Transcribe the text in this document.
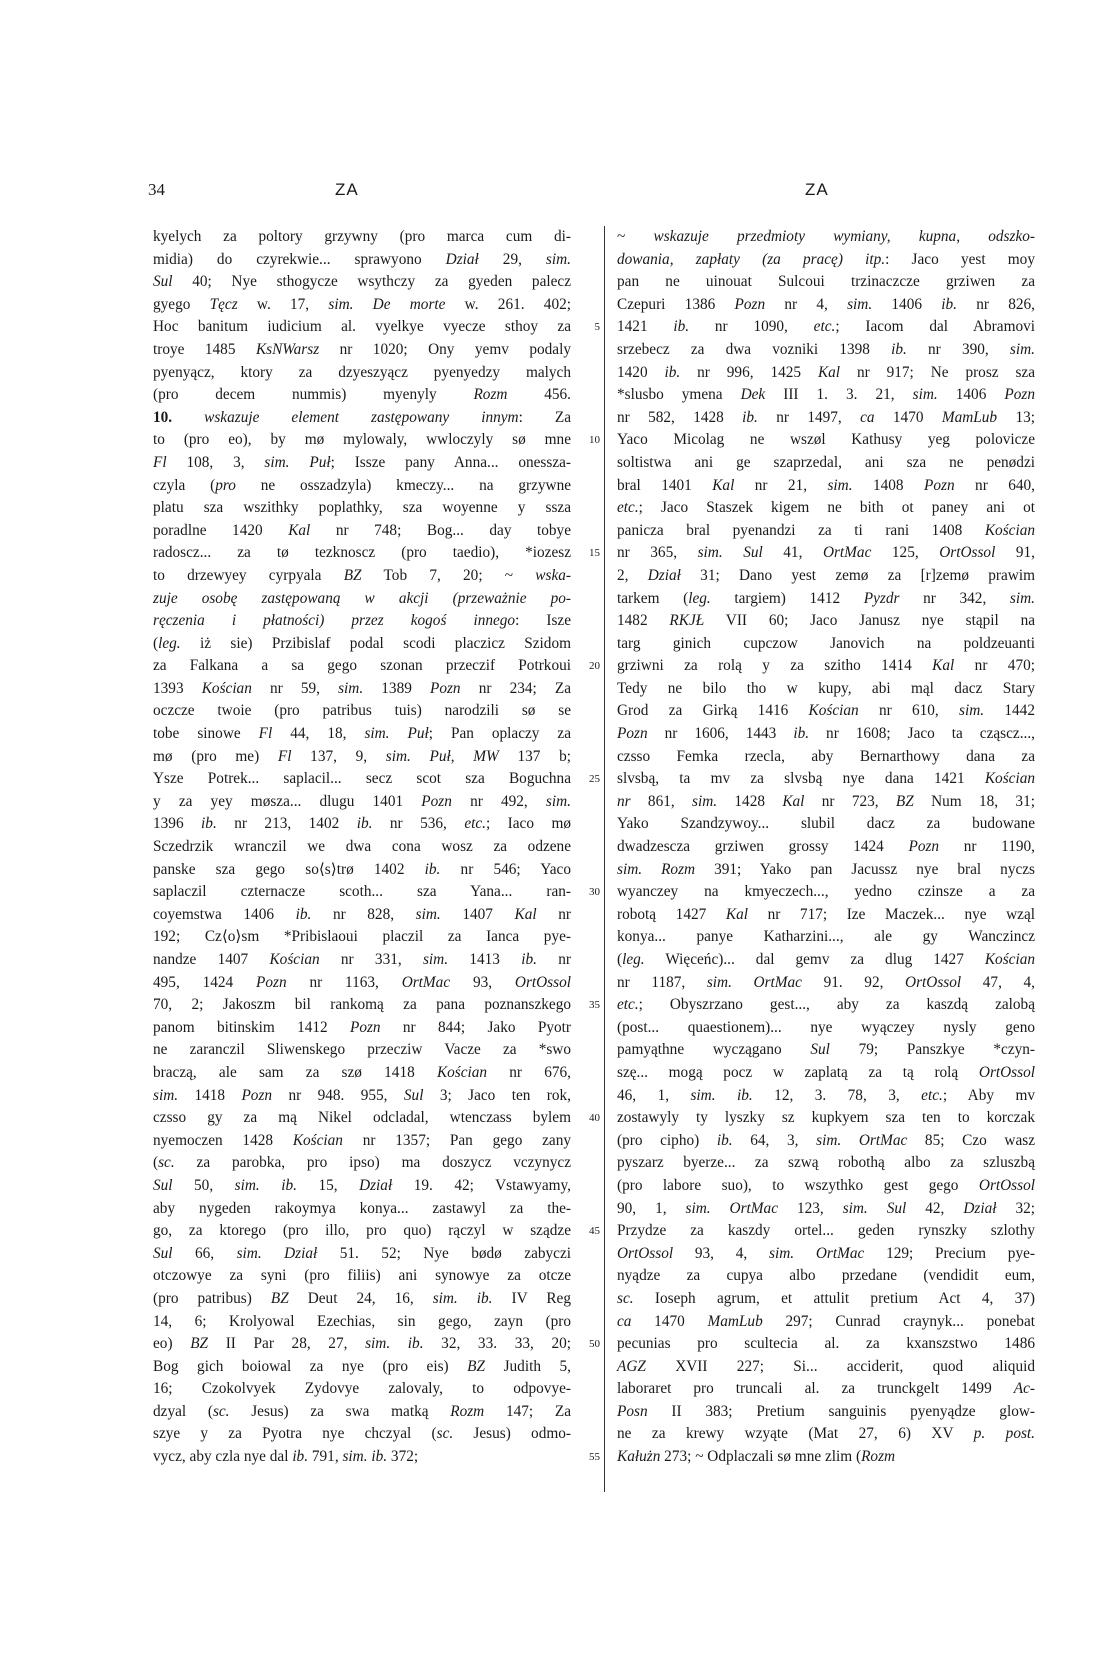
34	ZA	ZA
kyelych za poltory grzywny (pro marca cum di-
midia) do czyrekwie... sprawyono Dział 29, sim.
Sul 40; Nye sthogycze wsythczy za gyeden palecz
gyego Tęcz w. 17, sim. De morte w. 261. 402;
Hoc banitum iudicium al. vyelkye vyecze sthoy za
troye 1485 KsNWarsz nr 1020; Ony yemv podaly
pyenyącz, ktory za dzyeszyącz pyenyedzy malych
(pro decem nummis) myenyly Rozm 456.
10. wskazuje element zastępowany innym: Za
to (pro eo), by mø mylowaly, wwloczyly sø mne
Fl 108, 3, sim. Puł; Issze pany Anna... onessza-
czyla (pro ne osszadzyla) kmeczy... na grzywne
platu sza wszithky poplathky, sza woyenne y ssza
poradlne 1420 Kal nr 748; Bog... day tobye
radoscz... za tø tezknoscz (pro taedio), *iozesz
to drzewyey cyrpyala BZ Tob 7, 20; ~ wska-
zuje osobę zastępowaną w akcji (przeważnie po-
ręczenia i płatności) przez kogoś innego: Isze
(leg. iż sie) Przibislaf podal scodi placzicz Szidom
za Falkana a sa gego szonan przeczif Potrkoui
1393 Kościan nr 59, sim. 1389 Pozn nr 234; Za
oczcze twoie (pro patribus tuis) narodzili sø se
tobe sinowe Fl 44, 18, sim. Puł; Pan oplaczy za
mø (pro me) Fl 137, 9, sim. Puł, MW 137 b;
Ysze Potrek... saplacil... secz scot sza Boguchna
y za yey møsza... dlugu 1401 Pozn nr 492, sim.
1396 ib. nr 213, 1402 ib. nr 536, etc.; Iaco mø
Sczedrzik wranczil we dwa cona wosz za odzene
panske sza gego so⟨s⟩trø 1402 ib. nr 546; Yaco
saplaczil czternacze scoth... sza Yana... ran-
coyemstwa 1406 ib. nr 828, sim. 1407 Kal nr
192; Cz⟨o⟩sm *Pribislaoui placzil za Ianca pye-
nandze 1407 Kościan nr 331, sim. 1413 ib. nr
495, 1424 Pozn nr 1163, OrtMac 93, OrtOssol
70, 2; Jakoszm bil rankomą za pana poznanszkego
panom bitinskim 1412 Pozn nr 844; Jako Pyotr
ne zaranczil Sliwenskego przecziw Vacze za *swo
braczą, ale sam za szø 1418 Kościan nr 676,
sim. 1418 Pozn nr 948. 955, Sul 3; Jaco ten rok,
czsso gy za mą Nikel odcladal, wtenczass bylem
nyemoczen 1428 Kościan nr 1357; Pan gego zany
(sc. za parobka, pro ipso) ma doszycz vczynycz
Sul 50, sim. ib. 15, Dział 19. 42; Vstawyamy,
aby nygeden rakoymya konya... zastawyl za the-
go, za ktorego (pro illo, pro quo) rączyl w sządze
Sul 66, sim. Dział 51. 52; Nye bødø zabyczi
otczowye za syni (pro filiis) ani synowye za otcze
(pro patribus) BZ Deut 24, 16, sim. ib. IV Reg
14, 6; Krolyowal Ezechias, sin gego, zayn (pro
eo) BZ II Par 28, 27, sim. ib. 32, 33. 33, 20;
Bog gich boiowal za nye (pro eis) BZ Judith 5,
16; Czokolvyek Zydovye zalovaly, to odpovye-
dzyal (sc. Jesus) za swa matką Rozm 147; Za
szye y za Pyotra nye chczyal (sc. Jesus) odmo-
vycz, aby czla nye dal ib. 791, sim. ib. 372;
5
10
15
20
25
30
35
40
45
50
55
~ wskazuje przedmioty wymiany, kupna, odszko-
dowania, zapłaty (za pracę) itp.: Jaco yest moy
pan ne uinouat Sulcoui trzinaczcze grziwen za
Czepuri 1386 Pozn nr 4, sim. 1406 ib. nr 826,
1421 ib. nr 1090, etc.; Iacom dal Abramovi
srzebecz za dwa vozniki 1398 ib. nr 390, sim.
1420 ib. nr 996, 1425 Kal nr 917; Ne prosz sza
*slusbo ymena Dek III 1. 3. 21, sim. 1406 Pozn
nr 582, 1428 ib. nr 1497, ca 1470 MamLub 13;
Yaco Micolag ne wszøl Kathusy yeg polovicze
soltistwa ani ge szaprzedal, ani sza ne penødzi
bral 1401 Kal nr 21, sim. 1408 Pozn nr 640,
etc.; Jaco Staszek kigem ne bith ot paney ani ot
panicza bral pyenandzi za ti rani 1408 Kościan
nr 365, sim. Sul 41, OrtMac 125, OrtOssol 91,
2, Dział 31; Dano yest zemø za [r]zemø prawim
tarkem (leg. targiem) 1412 Pyzdr nr 342, sim.
1482 RKJŁ VII 60; Jaco Janusz nye stąpil na
targ ginich cupczow Janovich na poldzeuanti
grziwni za rolą y za szitho 1414 Kal nr 470;
Tedy ne bilo tho w kupy, abi mąl dacz Stary
Grod za Girką 1416 Kościan nr 610, sim. 1442
Pozn nr 1606, 1443 ib. nr 1608; Jaco ta cząscz...,
czsso Femka rzecla, aby Bernarthowy dana za
slvsbą, ta mv za slvsbą nye dana 1421 Kościan
nr 861, sim. 1428 Kal nr 723, BZ Num 18, 31;
Yako Szandzywoy... slubil dacz za budowane
dwadzescza grziwen grossy 1424 Pozn nr 1190,
sim. Rozm 391; Yako pan Jacussz nye bral nyczs
wyanczey na kmyeczech..., yedno czinsze a za
robotą 1427 Kal nr 717; Ize Maczek... nye wząl
konya... panye Katharzini..., ale gy Wanczincz
(leg. Więceńc)... dal gemv za dlug 1427 Kościan
nr 1187, sim. OrtMac 91. 92, OrtOssol 47, 4,
etc.; Obyszrzano gest..., aby za kaszdą zalobą
(post... quaestionem)... nye wyączey nysly geno
pamyąthne wyczągano Sul 79; Panszkye *czyn-
szę... mogą pocz w zaplatą za tą rolą OrtOssol
46, 1, sim. ib. 12, 3. 78, 3, etc.; Aby mv
zostawyly ty lyszky sz kupkyem sza ten to korczak
(pro cipho) ib. 64, 3, sim. OrtMac 85; Czo wasz
pyszarz byerze... za szwą robothą albo za szluszbą
(pro labore suo), to wszythko gest gego OrtOssol
90, 1, sim. OrtMac 123, sim. Sul 42, Dział 32;
Przydze za kaszdy ortel... geden rynszky szlothy
OrtOssol 93, 4, sim. OrtMac 129; Precium pye-
nyądze za cupya albo przedane (vendidit eum,
sc. Ioseph agrum, et attulit pretium Act 4, 37)
ca 1470 MamLub 297; Cunrad craynyk... ponebat
pecunias pro scultecia al. za kxanszstwo 1486
AGZ XVII 227; Si... acciderit, quod aliquid
laboraret pro truncali al. za trunckgelt 1499 Ac-
Posn II 383; Pretium sanguinis pyenyądze glow-
ne za krewy wzyąte (Mat 27, 6) XV p. post.
Kałużn 273; ~ Odplaczali sø mne zlim (Rozm
